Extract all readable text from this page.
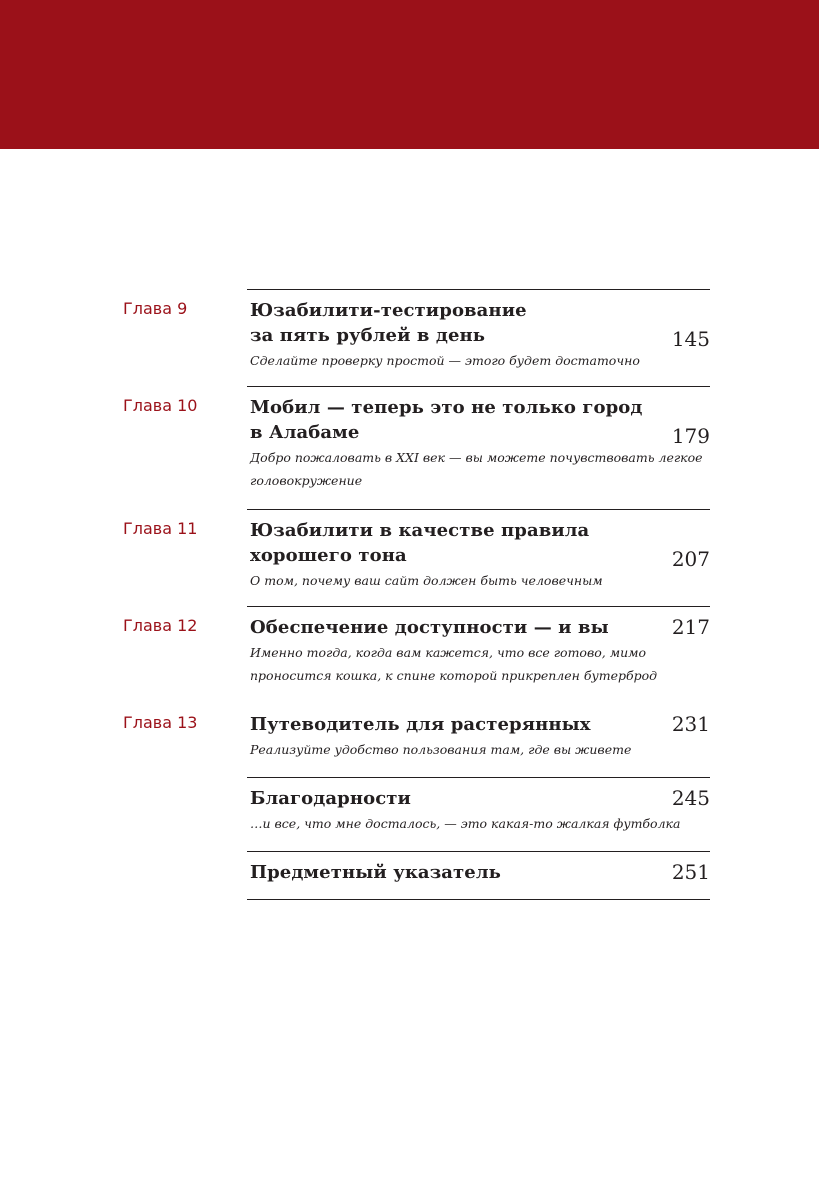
Глава 9	Юзабилити-тестирование
за пять рублей в день	145
Сделайте проверку простой — этого будет достаточно
Глава 10	Мобил — теперь это не только город
в Алабаме	179
Добро пожаловать в XXI век — вы можете почувствовать легкое
головокружение
Глава 11	Юзабилити в качестве правила
хорошего тона	207
О том, почему ваш сайт должен быть человечным
Глава 12	Обеспечение доступности — и вы	217
Именно тогда, когда вам кажется, что все готово, мимо
проносится кошка, к спине которой прикреплен бутерброд
Глава 13	Путеводитель для растерянных	231
Реализуйте удобство пользования там, где вы живете
Благодарности	245
…и все, что мне досталось, — это какая-то жалкая футболка
Предметный указатель	251
